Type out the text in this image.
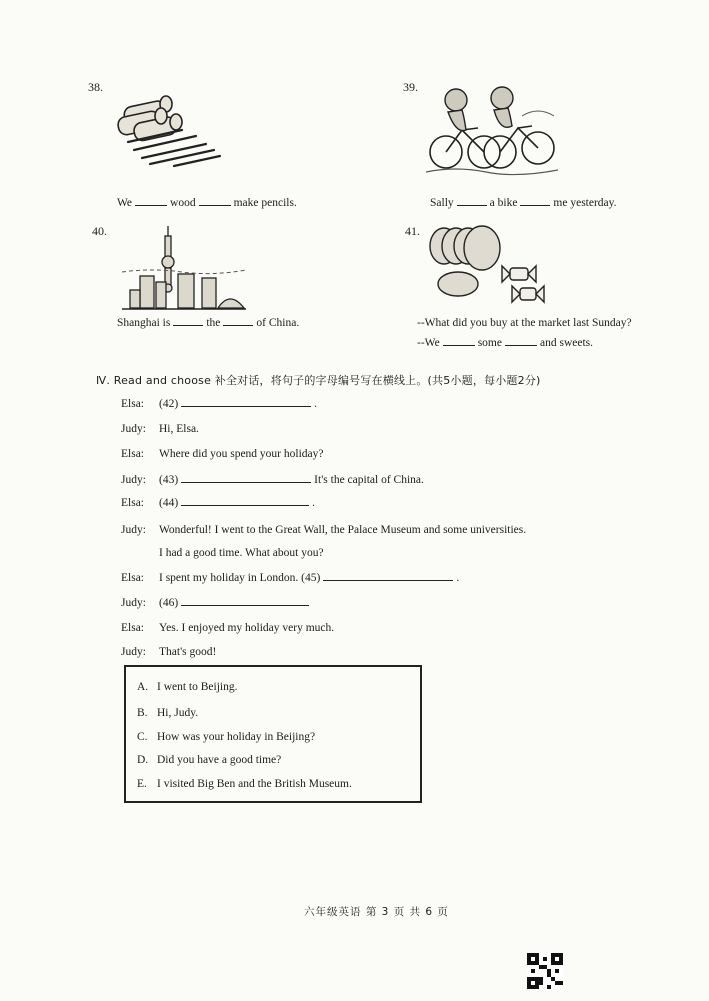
38.
We	wood	make pencils.
39.
Sally	a bike	me yesterday.
40.
Shanghai is	the	of China.
41.
--What did you buy at the market last Sunday?
--We	some	and sweets.
Ⅳ. Read and choose 补全对话，将句子的字母编号写在横线上。(共5小题，每小题2分)
Elsa: (42)	.
Judy: Hi, Elsa.
Elsa: Where did you spend your holiday?
Judy: (43)	It's the capital of China.
Elsa: (44)	.
Judy: Wonderful! I went to the Great Wall, the Palace Museum and some universities.
I had a good time. What about you?
Elsa: I spent my holiday in London. (45)	.
Judy: (46)
Elsa: Yes. I enjoyed my holiday very much.
Judy: That's good!
A. I went to Beijing.
B. Hi, Judy.
C. How was your holiday in Beijing?
D. Did you have a good time?
E. I visited Big Ben and the British Museum.
六年级英语 第 3 页 共 6 页
